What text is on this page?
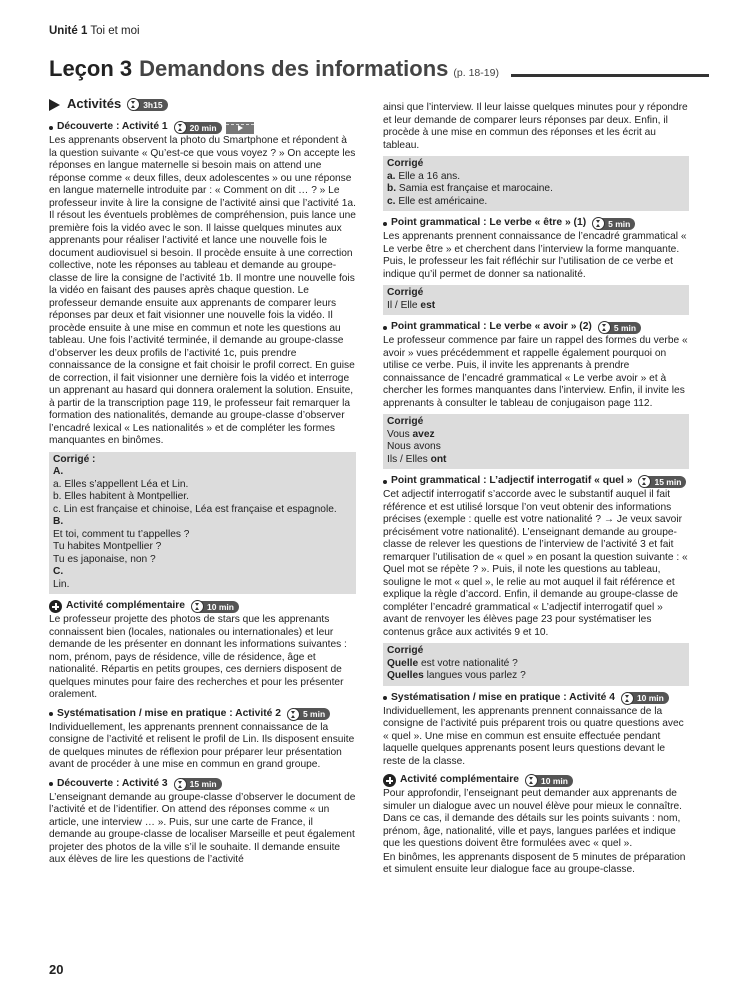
Unité 1 Toi et moi
Leçon 3 Demandons des informations (p. 18-19)
Activités	3h15
Découverte : Activité 1	20 min

Les apprenants observent la photo du Smartphone et répondent à la question suivante « Qu’est-ce que vous voyez ? » On accepte les réponses en langue maternelle si besoin mais on attend une réponse comme « deux filles, deux adolescentes » ou une réponse en langue maternelle introduite par : « Comment on dit … ? » Le professeur invite à lire la consigne de l’activité ainsi que l’activité 1a. Il résout les éventuels problèmes de compréhension, puis lance une première fois la vidéo avec le son. Il laisse quelques minutes aux apprenants pour réaliser l’activité et lance une nouvelle fois le document audiovisuel si besoin. Il procède ensuite à une correction collective, note les réponses au tableau et demande au groupe-classe de lire la consigne de l’activité 1b. Il montre une nouvelle fois la vidéo en faisant des pauses après chaque question. Le professeur demande ensuite aux apprenants de comparer leurs réponses par deux et fait visionner une nouvelle fois la vidéo. Il procède ensuite à une mise en commun et note les questions au tableau. Une fois l’activité terminée, il demande au groupe-classe d’observer les deux profils de l’activité 1c, puis prendre connaissance de la consigne et fait choisir le profil correct. En guise de correction, il fait visionner une dernière fois la vidéo et interroge un apprenant au hasard qui donnera oralement la solution. Ensuite, à partir de la transcription page 119, le professeur fait remarquer la formation des nationalités, demande au groupe-classe d’observer l’encadré lexical « Les nationalités » et de compléter les formes manquantes en binômes.

Corrigé :
A.
a. Elles s’appellent Léa et Lin.
b. Elles habitent à Montpellier.
c. Lin est française et chinoise, Léa est française et espagnole.
B.
Et toi, comment tu t’appelles ?
Tu habites Montpellier ?
Tu es japonaise, non ?
C.
Lin.
Activité complémentaire	10 min

Le professeur projette des photos de stars que les apprenants connaissent bien (locales, nationales ou internationales) et leur demande de les présenter en donnant les informations suivantes : nom, prénom, pays de résidence, ville de résidence, âge et nationalité. Répartis en petits groupes, ces derniers disposent de quelques minutes pour faire des recherches et pour les présenter oralement.

Systématisation / mise en pratique : Activité 2	5 min

Individuellement, les apprenants prennent connaissance de la consigne de l’activité et relisent le profil de Lin. Ils disposent ensuite de quelques minutes de réflexion pour préparer leur présentation avant de procéder à une mise en commun en grand groupe.

Découverte : Activité 3	15 min

L’enseignant demande au groupe-classe d’observer le document de l’activité et de l’identifier. On attend des réponses comme « un article, une interview … ». Puis, sur une carte de France, il demande au groupe-classe de localiser Marseille et peut également projeter des photos de la ville s’il le souhaite. Il demande ensuite aux élèves de lire les questions de l’activité

ainsi que l’interview. Il leur laisse quelques minutes pour y répondre et leur demande de comparer leurs réponses par deux. Enfin, il procède à une mise en commun des réponses et les écrit au tableau.

Corrigé
a. Elle a 16 ans.
b. Samia est française et marocaine.
c. Elle est américaine.
Point grammatical : Le verbe « être » (1)	5 min

Les apprenants prennent connaissance de l’encadré grammatical « Le verbe être » et cherchent dans l’interview la forme manquante. Puis, le professeur les fait réfléchir sur l’utilisation de ce verbe et indique qu’il permet de donner sa nationalité.

Corrigé
Il / Elle est
Point grammatical : Le verbe « avoir » (2)	5 min

Le professeur commence par faire un rappel des formes du verbe « avoir » vues précédemment et rappelle également pourquoi on utilise ce verbe. Puis, il invite les apprenants à prendre connaissance de l’encadré grammatical « Le verbe avoir » et à chercher les formes manquantes dans l’interview. Enfin, il invite les apprenants à consulter le tableau de conjugaison page 112.

Corrigé
Vous avez
Nous avons
Ils / Elles ont
Point grammatical : L’adjectif interrogatif « quel »	15 min

Cet adjectif interrogatif s’accorde avec le substantif auquel il fait référence et est utilisé lorsque l’on veut obtenir des informations précises (exemple : quelle est votre nationalité ? → Je veux savoir précisément votre nationalité). L’enseignant demande au groupe-classe de relever les questions de l’interview de l’activité 3 et fait remarquer l’utilisation de « quel » en posant la question suivante : « Quel mot se répète ? ». Puis, il note les questions au tableau, souligne le mot « quel », le relie au mot auquel il fait référence et explique la règle d’accord. Enfin, il demande au groupe-classe de compléter l’encadré grammatical « L’adjectif interrogatif quel » avant de renvoyer les élèves page 23 pour systématiser les contenus grâce aux activités 9 et 10.

Corrigé
Quelle est votre nationalité ?
Quelles langues vous parlez ?
Systématisation / mise en pratique : Activité 4	10 min

Individuellement, les apprenants prennent connaissance de la consigne de l’activité puis préparent trois ou quatre questions avec « quel ». Une mise en commun est ensuite effectuée pendant laquelle quelques apprenants posent leurs questions devant le reste de la classe.

Activité complémentaire	10 min

Pour approfondir, l’enseignant peut demander aux apprenants de simuler un dialogue avec un nouvel élève pour mieux le connaître. Dans ce cas, il demande des détails sur les points suivants : nom, prénom, âge, nationalité, ville et pays, langues parlées et indique que les questions doivent être formulées avec « quel ».

En binômes, les apprenants disposent de 5 minutes de préparation et simulent ensuite leur dialogue face au groupe-classe.

20
